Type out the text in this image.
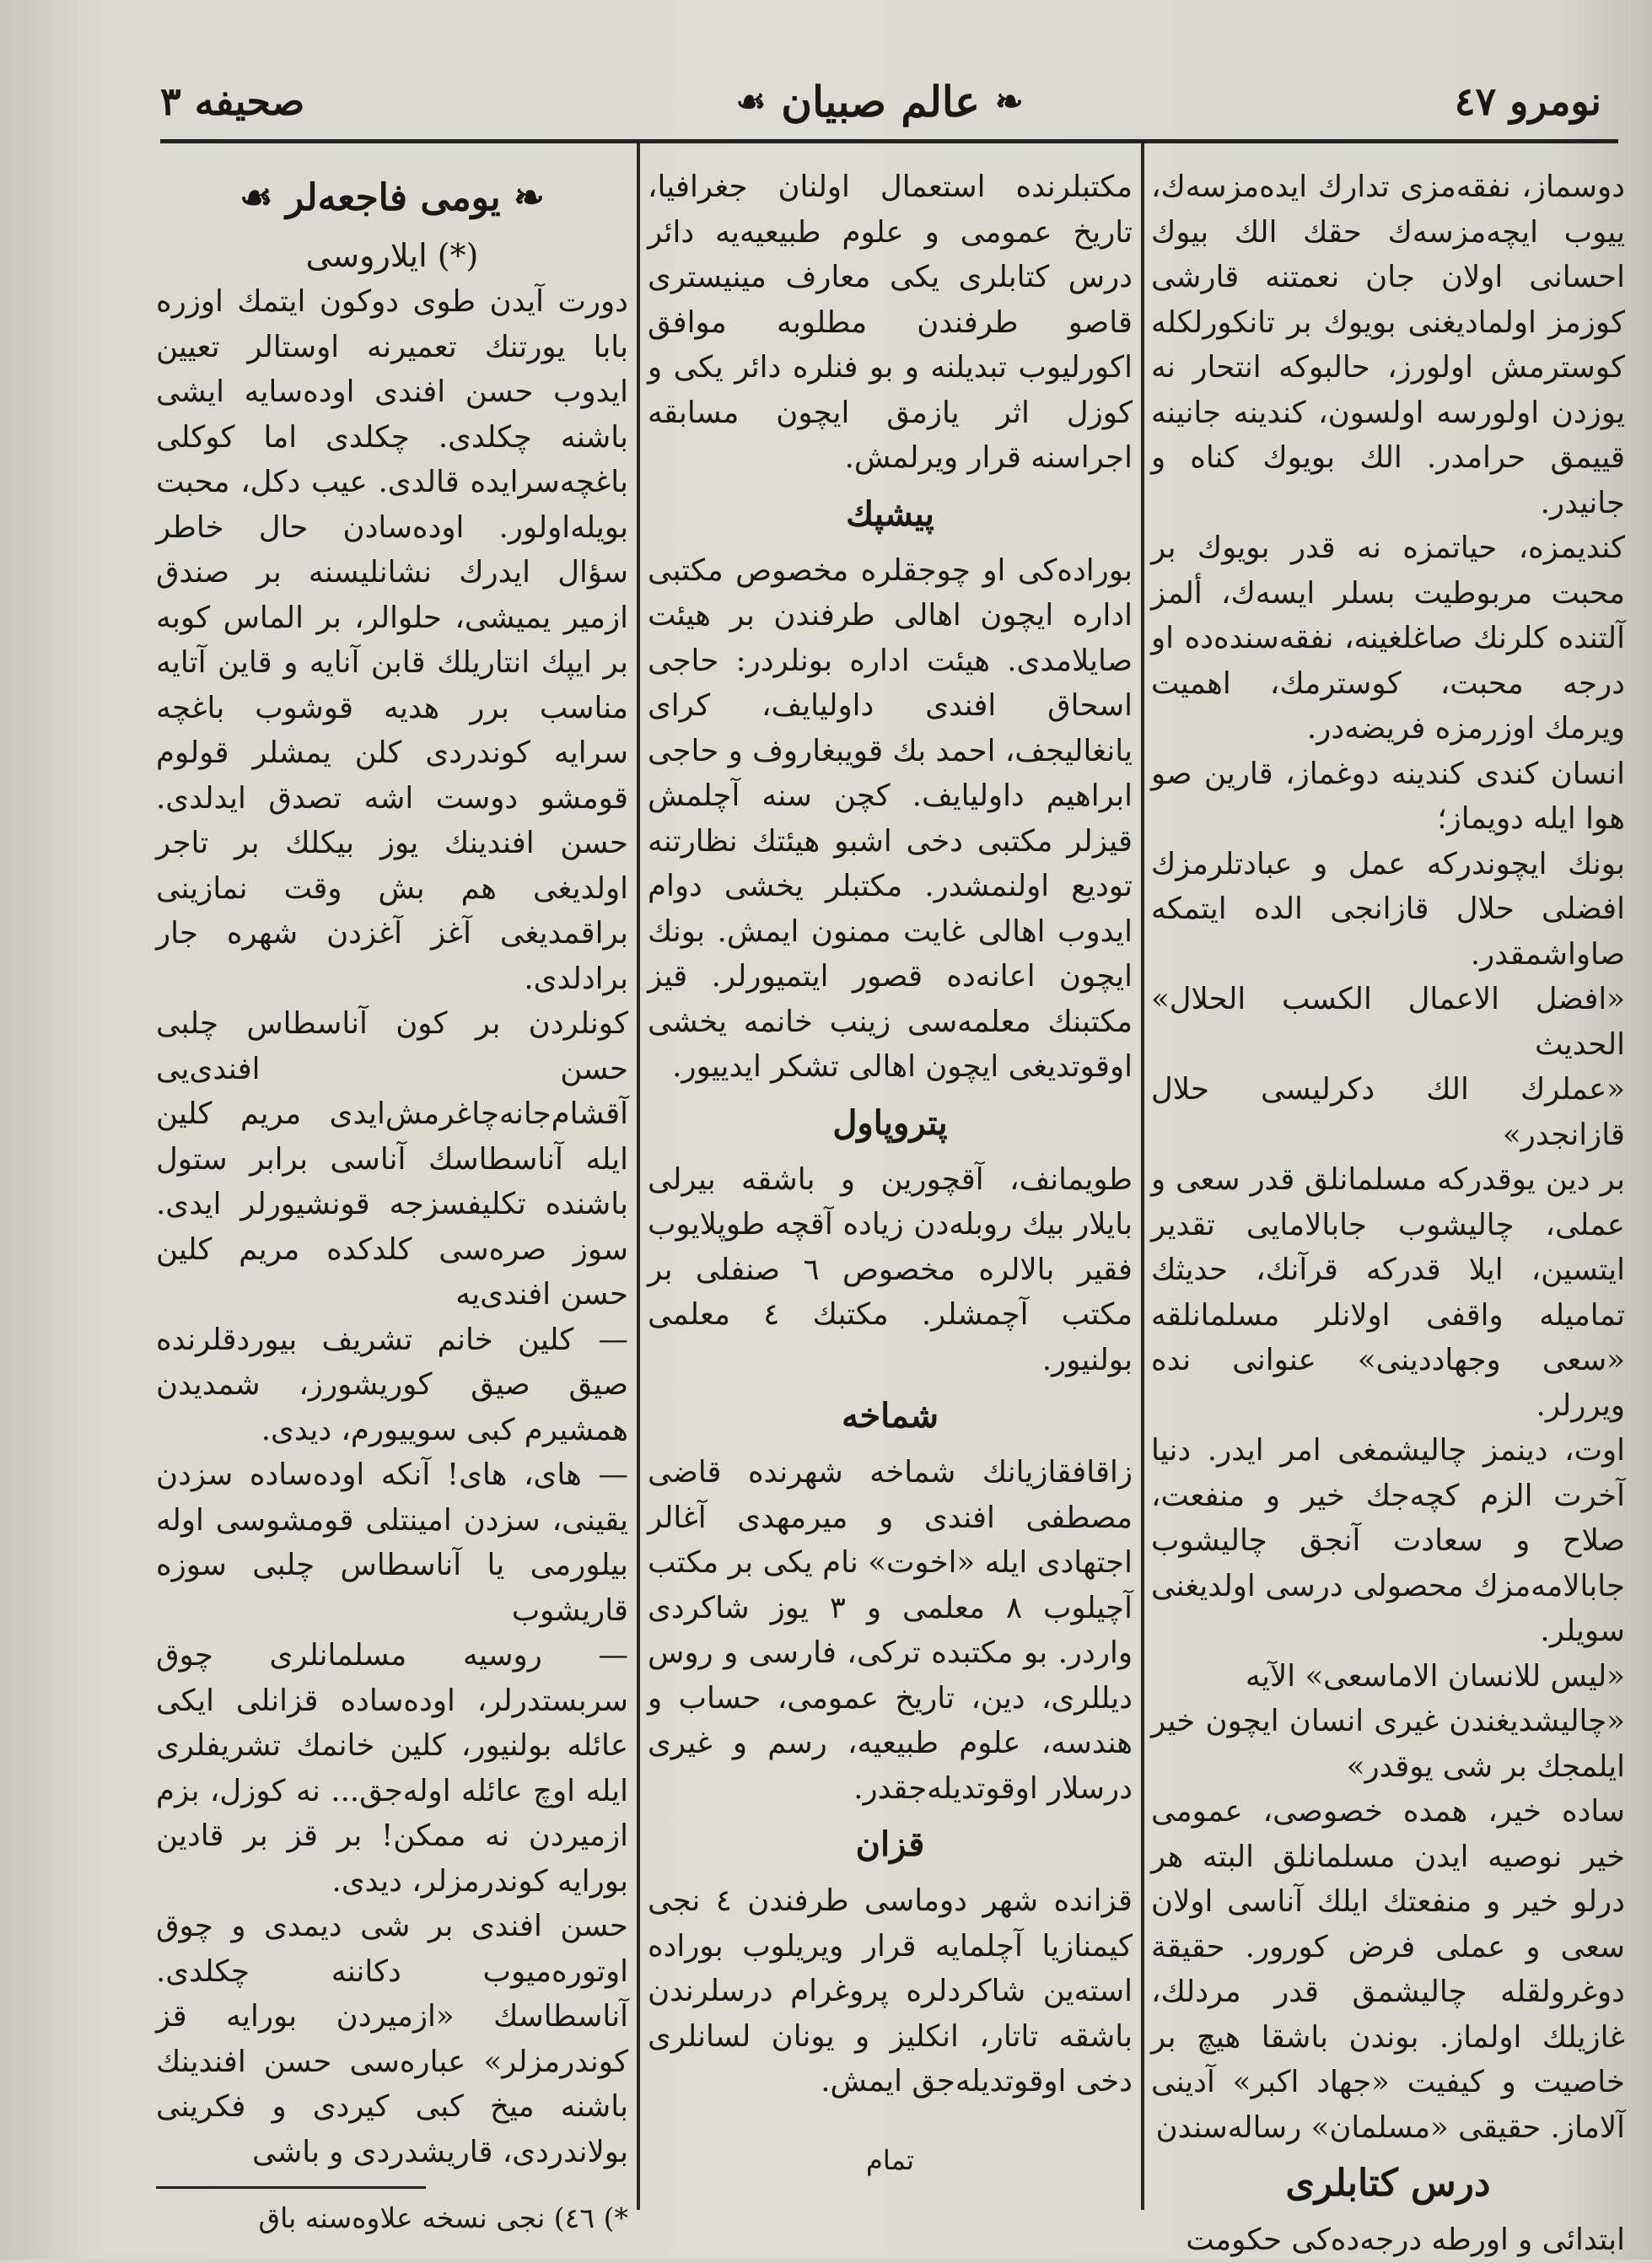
صحيفه ٣	❧
عالم صبيان
☙	نومرو ٤٧

دوسماز، نفقه‌مزی تدارك ایده‌مزسه‌ك، ییوب ایچه‌مزسه‌ك حقك الك بیوك احسانی اولان جان نعمتنه قارشی کوزمز اولمادیغنی بویوك بر تانکورلکله کوسترمش اولورز، حالبوکه انتحار نه یوزدن اولورسه اولسون، کندینه جانینه قییمق حرامدر. الك بویوك کناه و جانیدر.

کندیمزه، حیاتمزه نه قدر بویوك بر محبت مربوطیت بسلر ایسه‌ك، ألمز آلتنده‌ كلرنك صاغلغینه، نفقه‌سنده‌ده او درجه محبت، کوسترمك، اهمیت ویرمك اوزرمزه فریضه‌در.

انسان کندی کندینه دوغماز، قارین صو هوا ایله دویماز؛

بونك ایچوندرکه عمل و عبادتلرمزك افضلی حلال قازانجی الده ایتمکه صاواشمقدر.

«افضل الاعمال الکسب الحلال» الحدیث

«عملرك الك دکرلیسی حلال قازانجدر»

بر دین یوقدرکه مسلمانلق قدر سعی و عملی، چالیشوب جابالامایی تقدیر ایتسین، ایلا قدرکه قرآنك، حدیثك تماميله واقفی اولانلر مسلمانلقه «سعی وجهاددینی» عنوانی نده ویررلر.

اوت، دینمز چالیشمغی امر ایدر. دنیا آخرت الزم کچه‌جك خیر و منفعت، صلاح و سعادت آنجق چالیشوب جابالامه‌مزك محصولی درسی اولدیغنی سویلر.

«لیس للانسان الاماسعی» الآیه

«چالیشدیغندن غیری انسان ایچون خیر ایلمجك بر شی یوقدر»

ساده خیر، همده خصوصی، عمومی خیر نوصیه ایدن مسلمانلق البته هر درلو خیر و منفعتك ایلك آناسی اولان سعی و عملی فرض کورور. حقیقة دوغرولقله چالیشمق قدر مردلك، غازیلك اولماز. بوندن باشقا هیچ بر خاصیت و کیفیت «جهاد اکبر» آدینی آلاماز. حقیقی «مسلمان» رساله‌سندن

درس کتابلری

ابتدائی و اورطه درجه‌ده‌کی حکومت

مکتبلرنده استعمال اولنان جغرافیا، تاریخ عمومی و علوم طبیعیه‌یه دائر درس کتابلری یکی معارف مینیستری قاصو طرفندن مطلوبه موافق اکورلیوب تبدیلنه و بو فنلره دائر یکی و کوزل اثر یازمق ایچون مسابقه اجراسنه قرار ویرلمش.

پیشپك

بوراده‌کی او چوجقلره مخصوص مکتبی اداره ایچون اهالی طرفندن بر هیئت صایلامدی. هیئت اداره بونلردر: حاجی اسحاق افندی داولیایف، کرای یانغالیجف، احمد بك قویبغاروف و حاجی ابراهیم داولیایف. کچن سنه آچلمش قیزلر مکتبی دخی اشبو هیئتك نظارتنه توديع اولنمشدر. مکتبلر یخشی دوام ایدوب اهالی غایت ممنون ایمش. بونك ایچون اعانه‌ده قصور ایتمیورلر. قیز مکتبنك معلمه‌سی زینب خانمه یخشی اوقوتدیغی ایچون اهالی تشکر ایدییور.

پتروپاول

طویمانف، آقچورین و باشقه بیرلی بایلار بیك روبله‌دن زیاده آقچه طوپلایوب فقیر بالالره مخصوص ٦ صنفلی بر مکتب آچمشلر. مکتبك ٤ معلمی بولنیور.

شماخه

زاقافقازیانك شماخه شهرنده قاضی مصطفی افندی و میرمهدی آغالر اجتهادی ایله «اخوت» نام یکی بر مکتب آچیلوب ٨ معلمی و ٣ یوز شاکردی واردر. بو مکتبده ترکی، فارسی و روس دیللری، دین، تاریخ عمومی، حساب و هندسه، علوم طبیعیه، رسم و غیری درسلار اوقوتدیله‌جقدر.

قزان

قزانده شهر دوماسی طرفندن ٤ نجی کیمنازیا آچلمایه قرار ویریلوب بوراده استه‌ین شاکردلره پروغرام درسلرندن باشقه تاتار، انکلیز و یونان لسانلری دخی اوقوتدیله‌جق ایمش.

تمام
❧ یومی فاجعه‌لر ☙
(*) ایلاروسی

دورت آیدن طوی دوکون ایتمك اوزره بابا یورتنك تعمیرنه اوستالر تعیین ایدوب حسن افندی اوده‌سایه ایشی باشنه چکلدی. چکلدی اما کوکلی باغچه‌سرایده قالدی. عیب دکل، محبت بویله‌اولور. اوده‌سادن حال خاطر سؤال ایدرك نشانلیسنه بر صندق ازمیر یمیشی، حلوالر، بر الماس کوبه بر ایپك انتاریلك قابن آنایه و قاین آتایه مناسب برر هدیه قوشوب باغچه سرایه کوندردی کلن یمشلر قولوم قومشو دوست اشه تصدق ایدلدی. حسن افندینك یوز بیکلك بر تاجر اولدیغی هم بش وقت نمازینی براقمدیغی آغز آغزدن شهره جار برادلدی.

کونلردن بر کون آناسطاس چلبی حسن افندی‌یی آقشام‌جانه‌چاغرمش‌ایدی مریم کلین ایله آناسطاسك آناسی برابر ستول باشنده تکلیفسزجه قونشیورلر ایدی. سوز صره‌سی کلدکده مریم کلین حسن افندی‌یه

— کلین خانم تشریف بیوردقلرنده صیق صیق کوریشورز، شمدیدن همشیرم کبی سوییورم، دیدی.

— های، های! آنکه اوده‌ساده سزدن یقینی، سزدن امینتلی قومشوسی اوله بیلورمی یا آناسطاس چلبی سوزه قاریشوب

— روسیه مسلمانلری چوق سربستدرلر، اوده‌ساده قزانلی ایکی عائله بولنیور، کلین خانمك تشریفلری ایله اوچ عائله اوله‌جق... نه کوزل، بزم ازمیردن نه ممکن! بر قز بر قادین بورایه کوندرمزلر، دیدی.

حسن افندی بر شی دیمدی و چوق اوتوره‌میوب دکاننه چکلدی. آناسطاسك «ازمیردن بورایه قز کوندرمزلر» عباره‌سی حسن افندینك باشنه میخ کبی کیردی و فکرینی بولاندردی، قاریشدردی و باشی

*) ٤٦) نجی نسخه علاوه‌سنه باق
